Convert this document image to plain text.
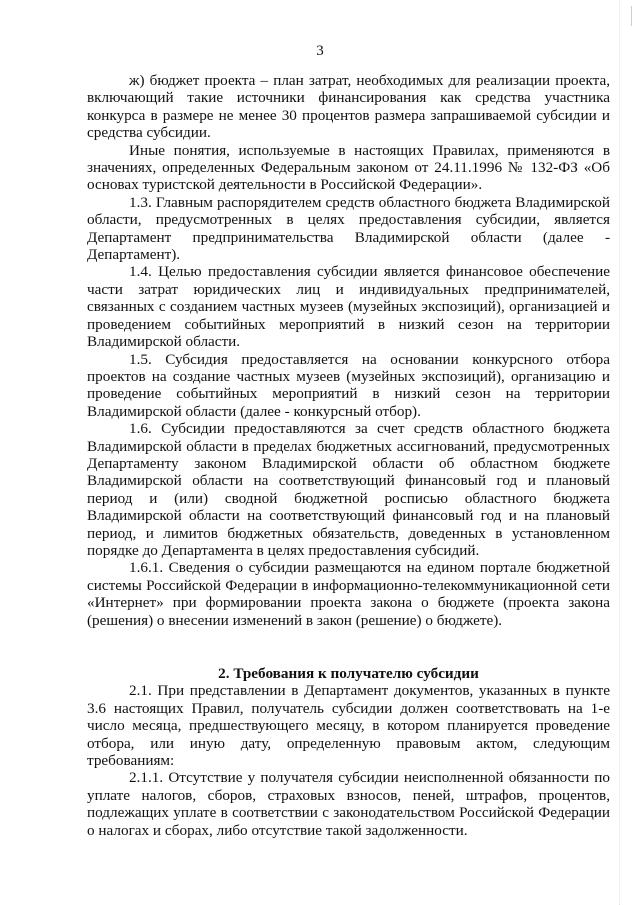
3

ж) бюджет проекта – план затрат, необходимых для реализации проекта, включающий такие источники финансирования как средства участника конкурса в размере не менее 30 процентов размера запрашиваемой субсидии и средства субсидии.

Иные понятия, используемые в настоящих Правилах, применяются в значениях, определенных Федеральным законом от 24.11.1996 № 132-ФЗ «Об основах туристской деятельности в Российской Федерации».

1.3. Главным распорядителем средств областного бюджета Владимирской области, предусмотренных в целях предоставления субсидии, является Департамент предпринимательства Владимирской области (далее - Департамент).

1.4. Целью предоставления субсидии является финансовое обеспечение части затрат юридических лиц и индивидуальных предпринимателей, связанных с созданием частных музеев (музейных экспозиций), организацией и проведением событийных мероприятий в низкий сезон на территории Владимирской области.

1.5. Субсидия предоставляется на основании конкурсного отбора проектов на создание частных музеев (музейных экспозиций), организацию и проведение событийных мероприятий в низкий сезон на территории Владимирской области (далее - конкурсный отбор).

1.6. Субсидии предоставляются за счет средств областного бюджета Владимирской области в пределах бюджетных ассигнований, предусмотренных Департаменту законом Владимирской области об областном бюджете Владимирской области на соответствующий финансовый год и плановый период и (или) сводной бюджетной росписью областного бюджета Владимирской области на соответствующий финансовый год и на плановый период, и лимитов бюджетных обязательств, доведенных в установленном порядке до Департамента в целях предоставления субсидий.

1.6.1. Сведения о субсидии размещаются на едином портале бюджетной системы Российской Федерации в информационно-телекоммуникационной сети «Интернет» при формировании проекта закона о бюджете (проекта закона (решения) о внесении изменений в закон (решение) о бюджете).

2. Требования к получателю субсидии

2.1. При представлении в Департамент документов, указанных в пункте 3.6 настоящих Правил, получатель субсидии должен соответствовать на 1-е число месяца, предшествующего месяцу, в котором планируется проведение отбора, или иную дату, определенную правовым актом, следующим требованиям:

2.1.1. Отсутствие у получателя субсидии неисполненной обязанности по уплате налогов, сборов, страховых взносов, пеней, штрафов, процентов, подлежащих уплате в соответствии с законодательством Российской Федерации о налогах и сборах, либо отсутствие такой задолженности.
